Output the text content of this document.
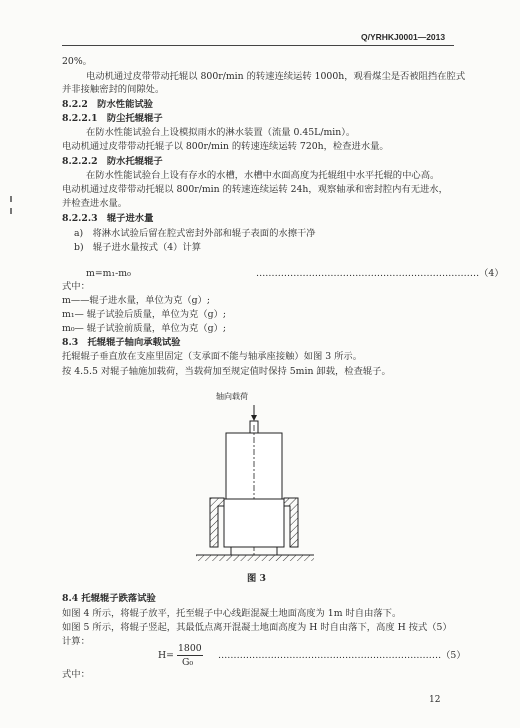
Q/YRHKJ0001—2013
20%。
电动机通过皮带带动托辊以 800r/min 的转速连续运转 1000h，观看煤尘是否被阻挡在腔式
并非接触密封的间隙处。
8.2.2　防水性能试验
8.2.2.1　防尘托辊辊子
在防水性能试验台上设模拟雨水的淋水装置（流量 0.45L/min）。
电动机通过皮带带动托辊子以 800r/min 的转速连续运转 720h，检查进水量。
8.2.2.2　防水托辊辊子
在防水性能试验台上设有存水的水槽，水槽中水面高度为托辊组中水平托辊的中心高。
电动机通过皮带带动托辊以 800r/min 的转速连续运转 24h，观察轴承和密封腔内有无进水，
并检查进水量。
8.2.2.3　辊子进水量
a)　将淋水试验后留在腔式密封外部和辊子表面的水擦干净
b)　辊子进水量按式（4）计算
m=m₁-m₀	………………………………………………………………（4）
式中：
m——辊子进水量，单位为克（g）;
m₁— 辊子试验后质量，单位为克（g）;
m₀— 辊子试验前质量，单位为克（g）;
8.3　托辊辊子轴向承载试验
托辊辊子垂直放在支座里固定（支承面不能与轴承座接触）如图 3 所示。
按 4.5.5 对辊子轴施加载荷，当载荷加至规定值时保持 5min 卸载，检查辊子。
轴向载荷
图 3
8.4 托辊辊子跌落试验
如图 4 所示，将辊子放平，托至辊子中心线距混凝土地面高度为 1m 时自由落下。
如图 5 所示，将辊子竖起，其最低点离开混凝土地面高度为 H 时自由落下，高度 H 按式（5）
计算：
H=
1800
G₀
………………………………………………………………（5）
式中：
12
